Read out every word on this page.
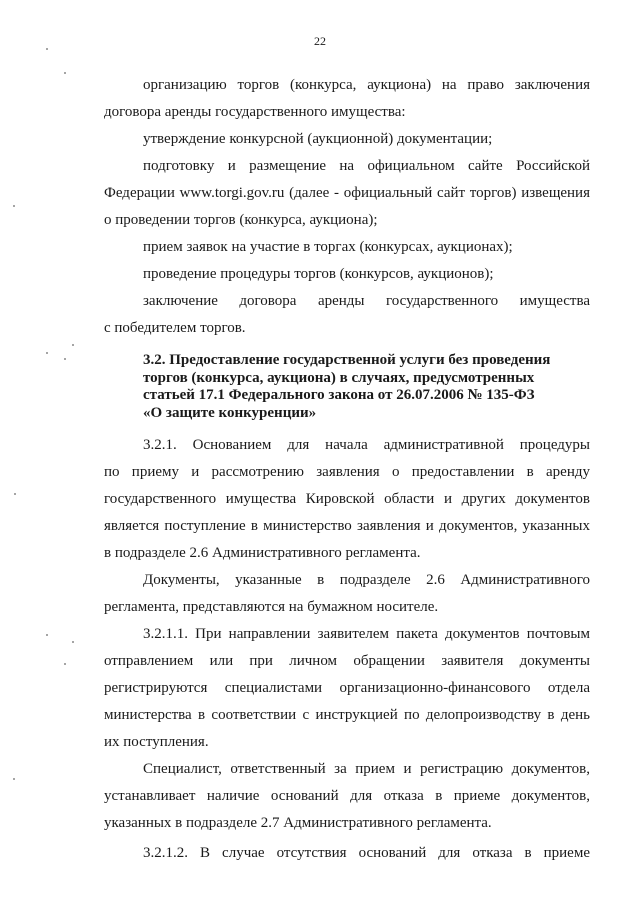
22
организацию торгов (конкурса, аукциона) на право заключения
договора аренды государственного имущества:
утверждение конкурсной (аукционной) документации;
подготовку и размещение на официальном сайте Российской
Федерации www.torgi.gov.ru (далее - официальный сайт торгов) извещения
о проведении торгов (конкурса, аукциона);
прием заявок на участие в торгах (конкурсах, аукционах);
проведение процедуры торгов (конкурсов, аукционов);
заключение договора аренды государственного имущества
с победителем торгов.
3.2. Предоставление государственной услуги без проведения
торгов (конкурса, аукциона) в случаях, предусмотренных
статьей 17.1 Федерального закона от 26.07.2006 № 135-ФЗ
«О защите конкуренции»
3.2.1. Основанием для начала административной процедуры
по приему и рассмотрению заявления о предоставлении в аренду
государственного имущества Кировской области и других документов
является поступление в министерство заявления и документов, указанных
в подразделе 2.6 Административного регламента.
Документы, указанные в подразделе 2.6 Административного
регламента, представляются на бумажном носителе.
3.2.1.1. При направлении заявителем пакета документов почтовым
отправлением или при личном обращении заявителя документы
регистрируются специалистами организационно-финансового отдела
министерства в соответствии с инструкцией по делопроизводству в день
их поступления.
Специалист, ответственный за прием и регистрацию документов,
устанавливает наличие оснований для отказа в приеме документов,
указанных в подразделе 2.7 Административного регламента.
3.2.1.2. В случае отсутствия оснований для отказа в приеме
